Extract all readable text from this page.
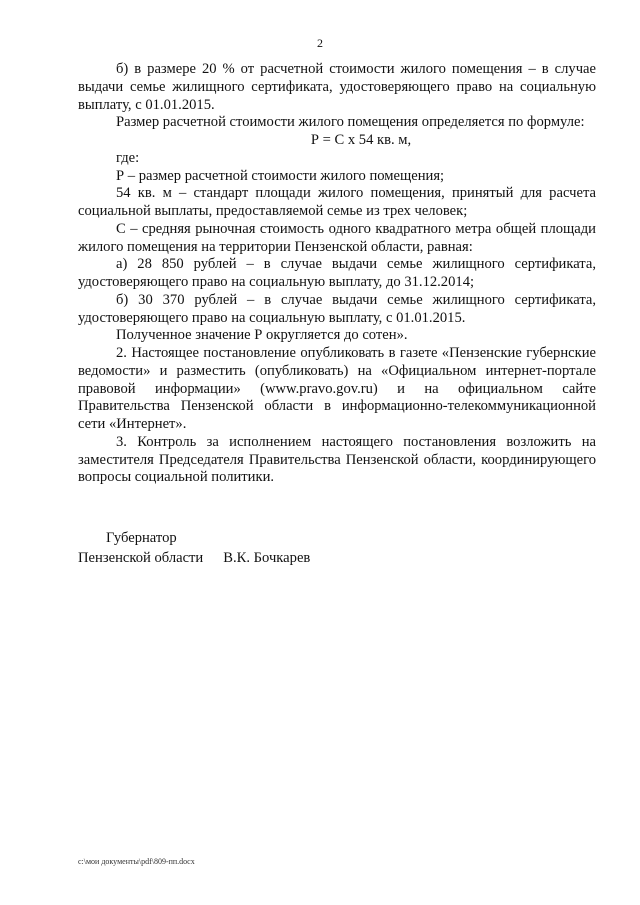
2

б) в размере 20 % от расчетной стоимости жилого помещения – в случае выдачи семье жилищного сертификата, удостоверяющего право на социальную выплату, с 01.01.2015.

Размер расчетной стоимости жилого помещения определяется по формуле:

Р = С х 54 кв. м,

где:

Р – размер расчетной стоимости жилого помещения;

54 кв. м – стандарт площади жилого помещения, принятый для расчета социальной выплаты, предоставляемой семье из трех человек;

С – средняя рыночная стоимость одного квадратного метра общей площади жилого помещения на территории Пензенской области, равная:

а) 28 850 рублей – в случае выдачи семье жилищного сертификата, удостоверяющего право на социальную выплату, до 31.12.2014;

б) 30 370 рублей – в случае выдачи семье жилищного сертификата, удостоверяющего право на социальную выплату, с 01.01.2015.

Полученное значение Р округляется до сотен».

2. Настоящее постановление опубликовать в газете «Пензенские губернские ведомости» и разместить (опубликовать) на «Официальном интернет-портале правовой информации» (www.pravo.gov.ru) и на официальном сайте Правительства Пензенской области в информационно-телекоммуникационной сети «Интернет».

3. Контроль за исполнением настоящего постановления возложить на заместителя Председателя Правительства Пензенской области, координирующего вопросы социальной политики.

Губернатор
Пензенской области В.К. Бочкарев
c:\мои документы\pdf\809-пп.docx
